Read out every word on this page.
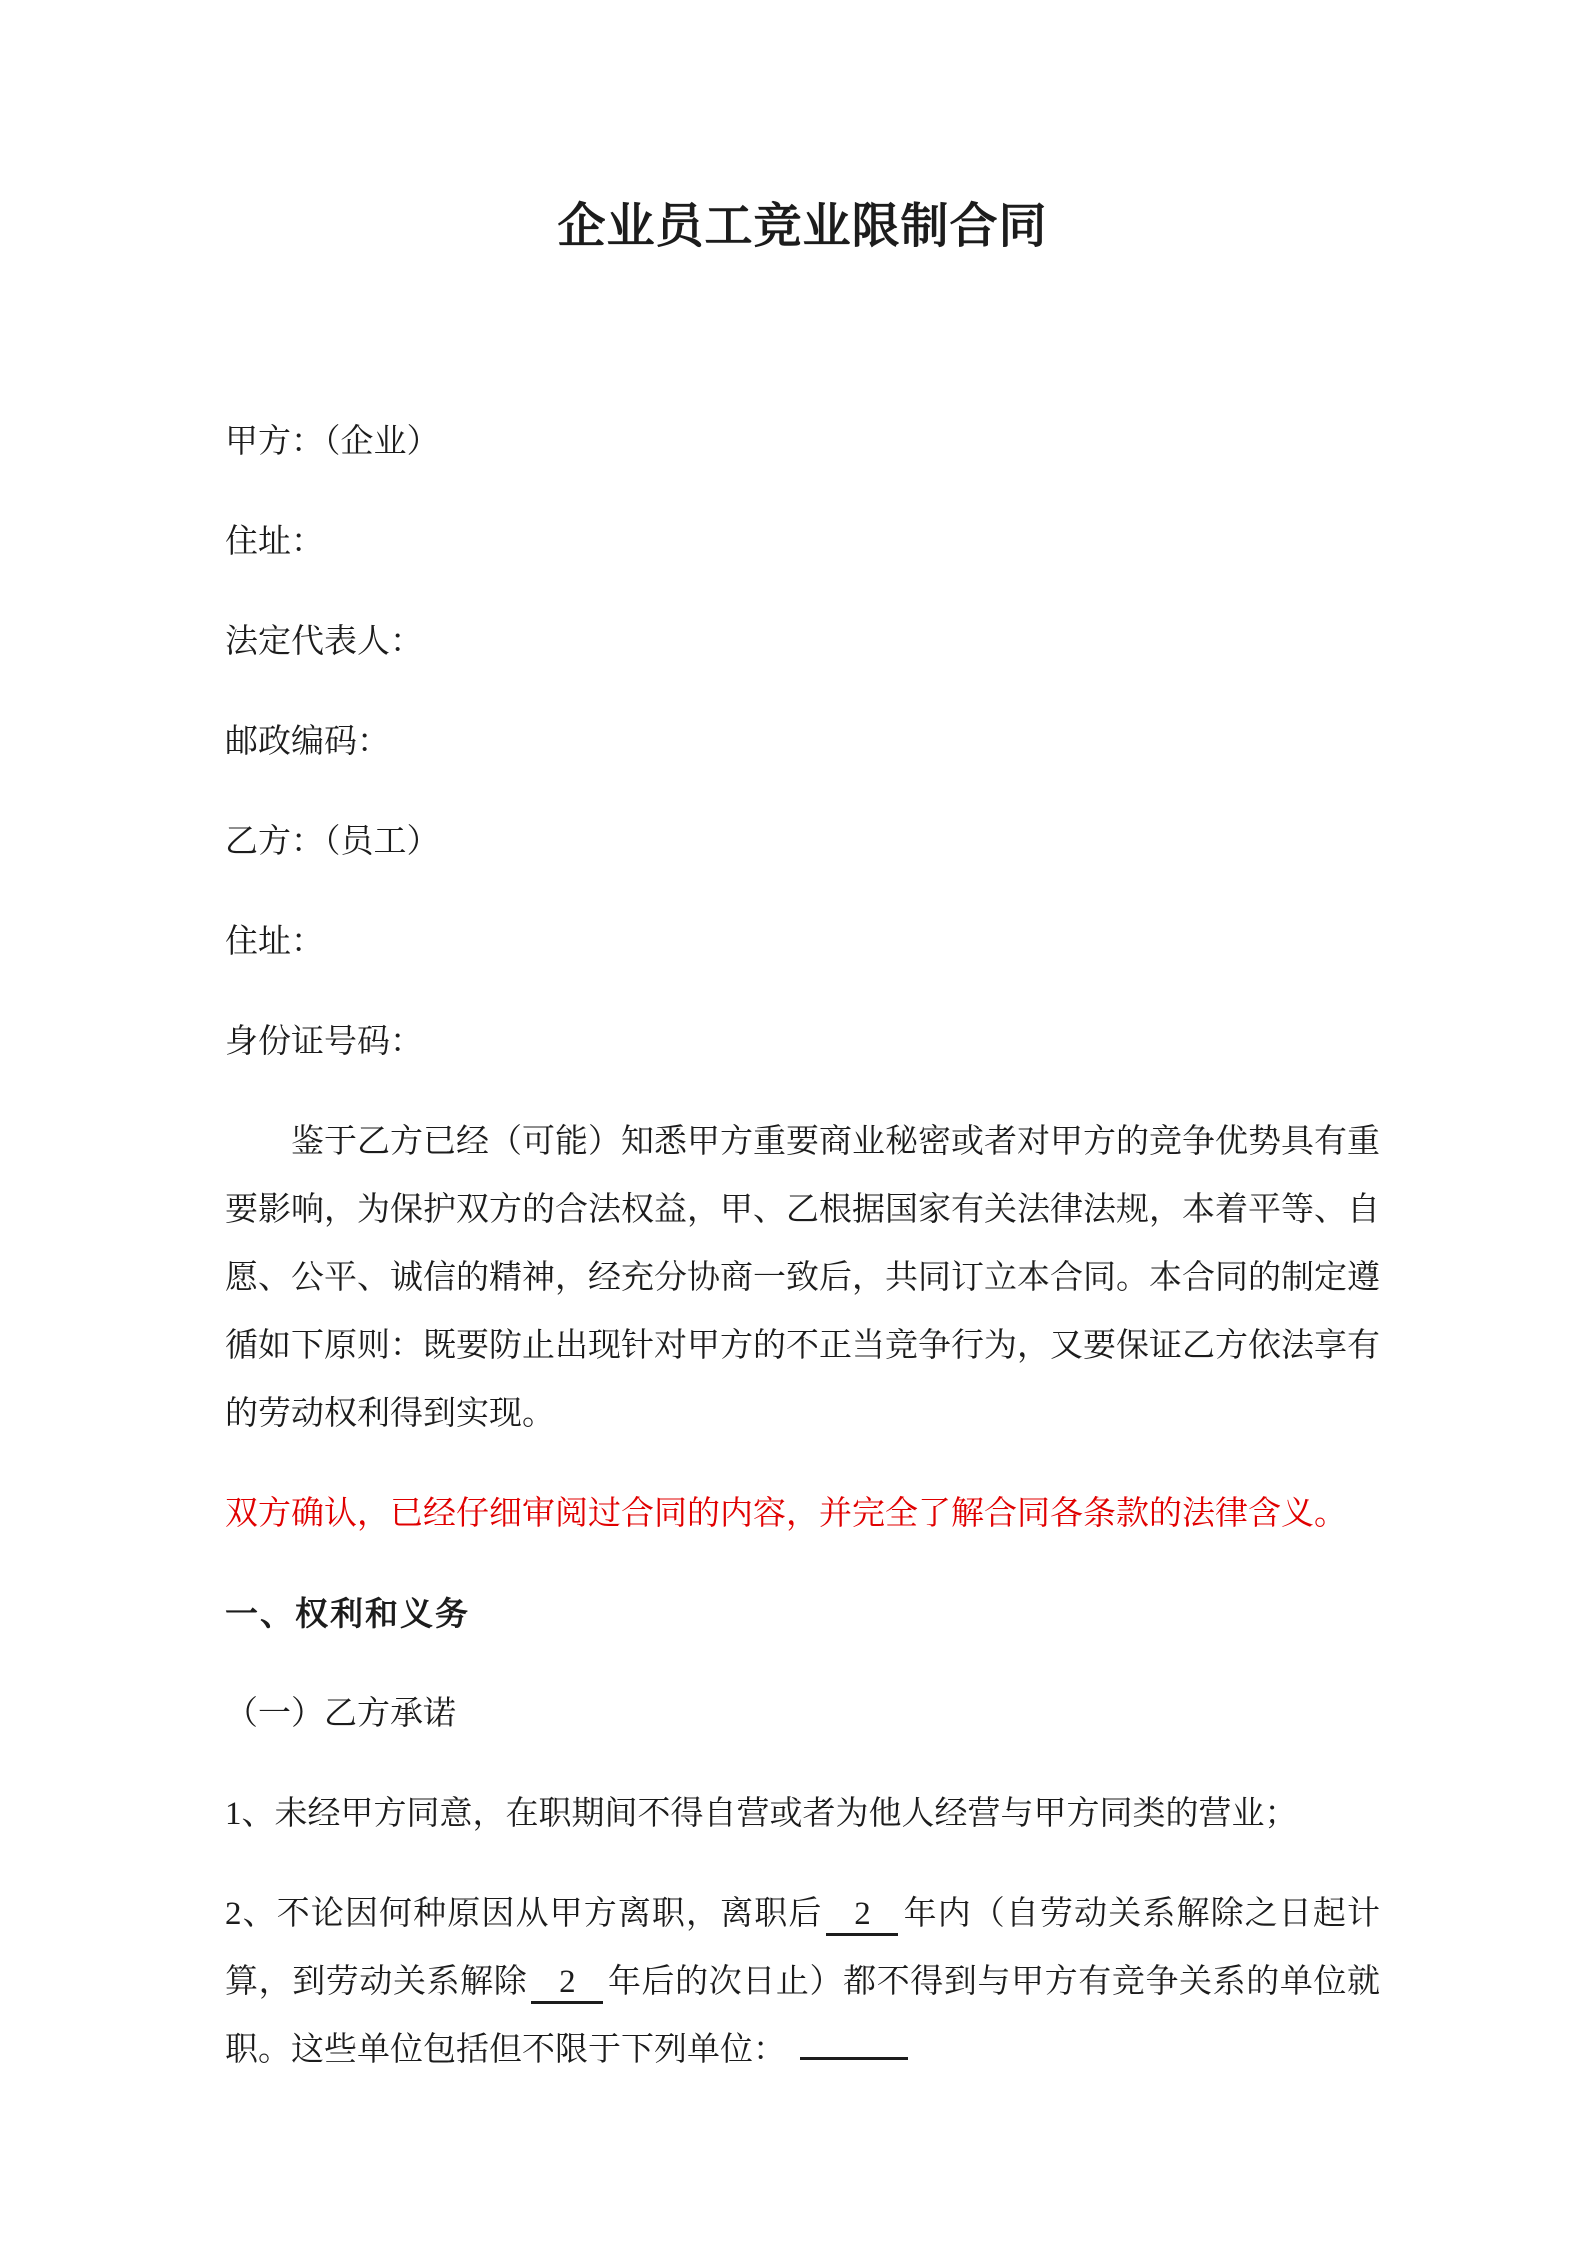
企业员工竞业限制合同

甲方：（企业）

住址：

法定代表人：

邮政编码：

乙方：（员工）

住址：

身份证号码：

鉴于乙方已经（可能）知悉甲方重要商业秘密或者对甲方的竞争优势具有重要影响，为保护双方的合法权益，甲、乙根据国家有关法律法规，本着平等、自愿、公平、诚信的精神，经充分协商一致后，共同订立本合同。本合同的制定遵循如下原则：既要防止出现针对甲方的不正当竞争行为，又要保证乙方依法享有的劳动权利得到实现。

双方确认，已经仔细审阅过合同的内容，并完全了解合同各条款的法律含义。

一、权利和义务

（一）乙方承诺

1、未经甲方同意，在职期间不得自营或者为他人经营与甲方同类的营业；

2、不论因何种原因从甲方离职，离职后 2 年内（自劳动关系解除之日起计算，到劳动关系解除 2 年后的次日止）都不得到与甲方有竞争关系的单位就职。这些单位包括但不限于下列单位：
